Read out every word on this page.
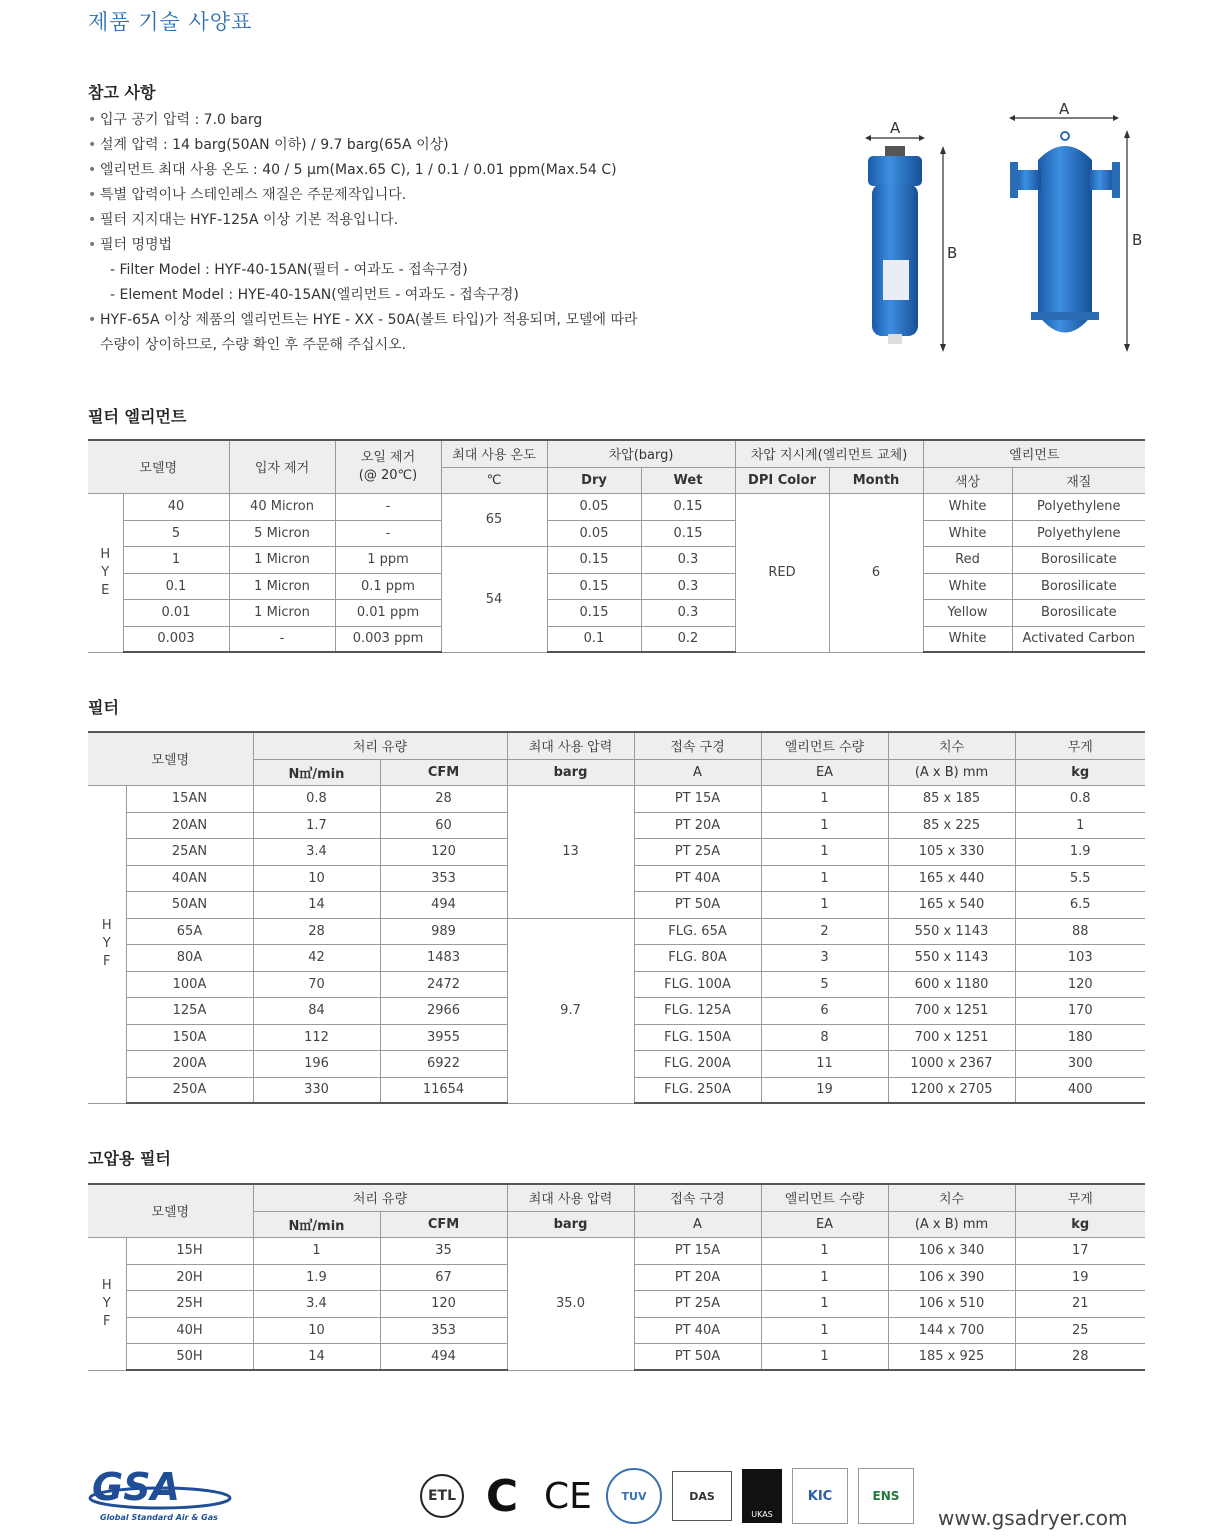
제품 기술 사양표
참고 사항
• 입구 공기 압력 : 7.0 barg
• 설계 압력 : 14 barg(50AN 이하) / 9.7 barg(65A 이상)
• 엘리먼트 최대 사용 온도 : 40 / 5 µm(Max.65 C), 1 / 0.1 / 0.01 ppm(Max.54 C)
• 특별 압력이나 스테인레스 재질은 주문제작입니다.
• 필터 지지대는 HYF-125A 이상 기본 적용입니다.
• 필터 명명법
- Filter Model : HYF-40-15AN(필터 - 여과도 - 접속구경)
- Element Model : HYE-40-15AN(엘리먼트 - 여과도 - 접속구경)
• HYF-65A 이상 제품의 엘리먼트는 HYE - XX - 50A(볼트 타입)가 적용되며, 모델에 따라
수량이 상이하므로, 수량 확인 후 주문해 주십시오.
A
B
A
B
필터 엘리먼트
모델명		입자 제거	오일 제거
(@ 20℃)	최대 사용 온도	차압(barg)		차압 지시계(엘리먼트 교체)		엘리먼트	
				℃	Dry	Wet	DPI Color	Month	색상	재질
H
Y
E	40	40 Micron	-	65	0.05	0.15	RED	6	White	Polyethylene
	5	5 Micron	-		0.05	0.15			White	Polyethylene
	1	1 Micron	1 ppm	54	0.15	0.3			Red	Borosilicate
	0.1	1 Micron	0.1 ppm		0.15	0.3			White	Borosilicate
	0.01	1 Micron	0.01 ppm		0.15	0.3			Yellow	Borosilicate
	0.003	-	0.003 ppm		0.1	0.2			White	Activated Carbon
필터
모델명		처리 유량		최대 사용 압력	접속 구경	엘리먼트 수량	치수	무게
		N㎥/min	CFM	barg	A	EA	(A x B) mm	kg
H
Y
F	15AN	0.8	28	13	PT 15A	1	85 x 185	0.8
	20AN	1.7	60		PT 20A	1	85 x 225	1
	25AN	3.4	120		PT 25A	1	105 x 330	1.9
	40AN	10	353		PT 40A	1	165 x 440	5.5
	50AN	14	494		PT 50A	1	165 x 540	6.5
	65A	28	989	9.7	FLG. 65A	2	550 x 1143	88
	80A	42	1483		FLG. 80A	3	550 x 1143	103
	100A	70	2472		FLG. 100A	5	600 x 1180	120
	125A	84	2966		FLG. 125A	6	700 x 1251	170
	150A	112	3955		FLG. 150A	8	700 x 1251	180
	200A	196	6922		FLG. 200A	11	1000 x 2367	300
	250A	330	11654		FLG. 250A	19	1200 x 2705	400
고압용 필터
모델명		처리 유량		최대 사용 압력	접속 구경	엘리먼트 수량	치수	무게
		N㎥/min	CFM	barg	A	EA	(A x B) mm	kg
H
Y
F	15H	1	35	35.0	PT 15A	1	106 x 340	17
	20H	1.9	67		PT 20A	1	106 x 390	19
	25H	3.4	120		PT 25A	1	106 x 510	21
	40H	10	353		PT 40A	1	144 x 700	25
	50H	14	494		PT 50A	1	185 x 925	28
GSA
Global Standard Air & Gas
ETL C CE	TUV	DAS
UKAS
KIC	ENS
www.gsadryer.com
